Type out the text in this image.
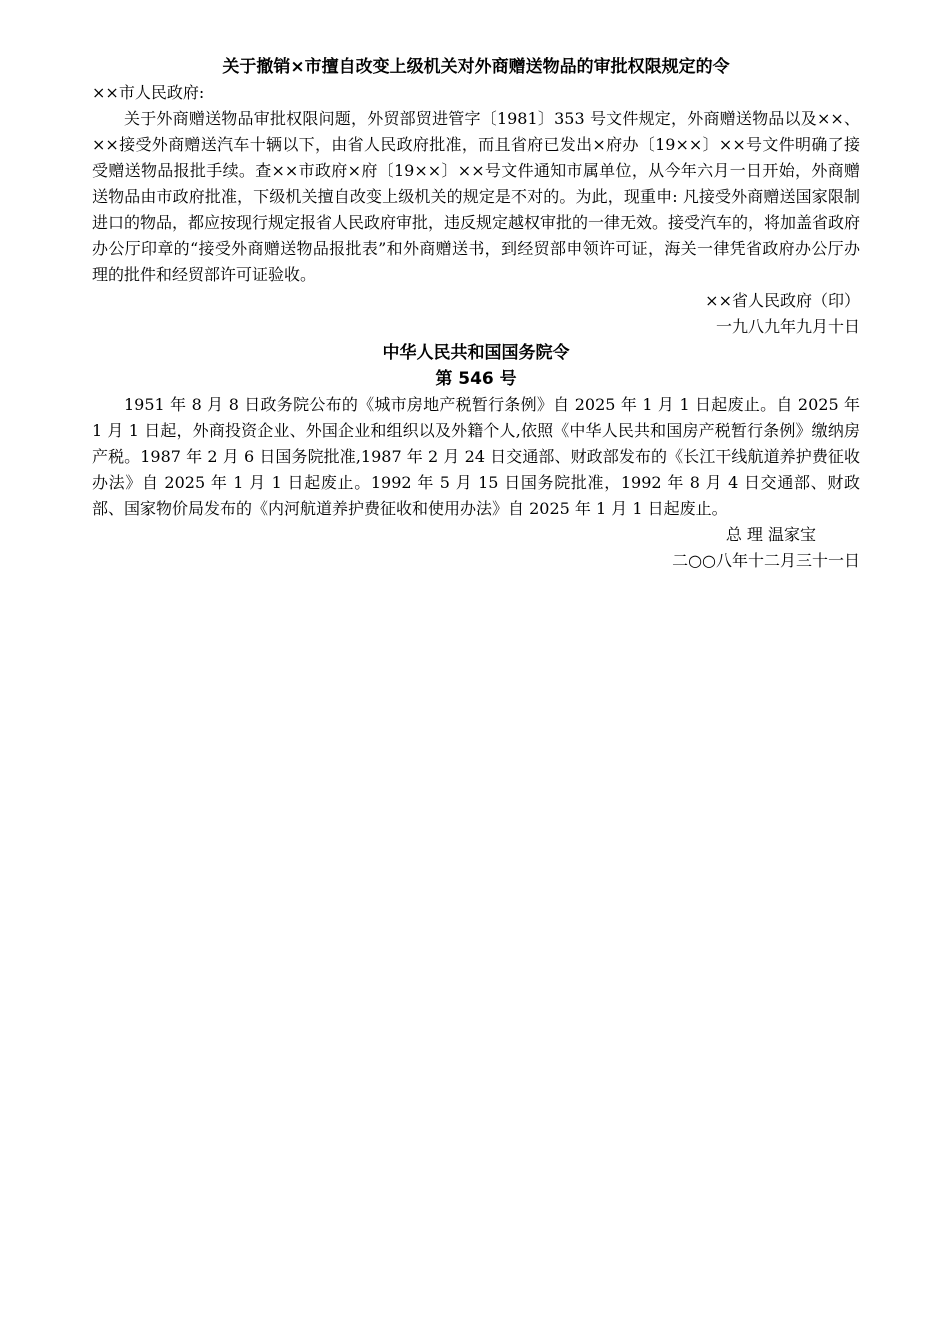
关于撤销×市擅自改变上级机关对外商赠送物品的审批权限规定的令

××市人民政府:

关于外商赠送物品审批权限问题，外贸部贸进管字〔1981〕353 号文件规定，外商赠送物品以及××、××接受外商赠送汽车十辆以下，由省人民政府批准，而且省府已发出×府办〔19××〕××号文件明确了接受赠送物品报批手续。查××市政府×府〔19××〕××号文件通知市属单位，从今年六月一日开始，外商赠送物品由市政府批准，下级机关擅自改变上级机关的规定是不对的。为此，现重申: 凡接受外商赠送国家限制进口的物品，都应按现行规定报省人民政府审批，违反规定越权审批的一律无效。接受汽车的，将加盖省政府办公厅印章的“接受外商赠送物品报批表”和外商赠送书，到经贸部申领许可证，海关一律凭省政府办公厅办理的批件和经贸部许可证验收。

××省人民政府（印）

一九八九年九月十日

中华人民共和国国务院令

第 546 号

1951 年 8 月 8 日政务院公布的《城市房地产税暂行条例》自 2025 年 1 月 1 日起废止。自 2025 年 1 月 1 日起，外商投资企业、外国企业和组织以及外籍个人,依照《中华人民共和国房产税暂行条例》缴纳房产税。1987 年 2 月 6 日国务院批准,1987 年 2 月 24 日交通部、财政部发布的《长江干线航道养护费征收办法》自 2025 年 1 月 1 日起废止。1992 年 5 月 15 日国务院批准，1992 年 8 月 4 日交通部、财政部、国家物价局发布的《内河航道养护费征收和使用办法》自 2025 年 1 月 1 日起废止。

总 理 温家宝

二○○八年十二月三十一日
